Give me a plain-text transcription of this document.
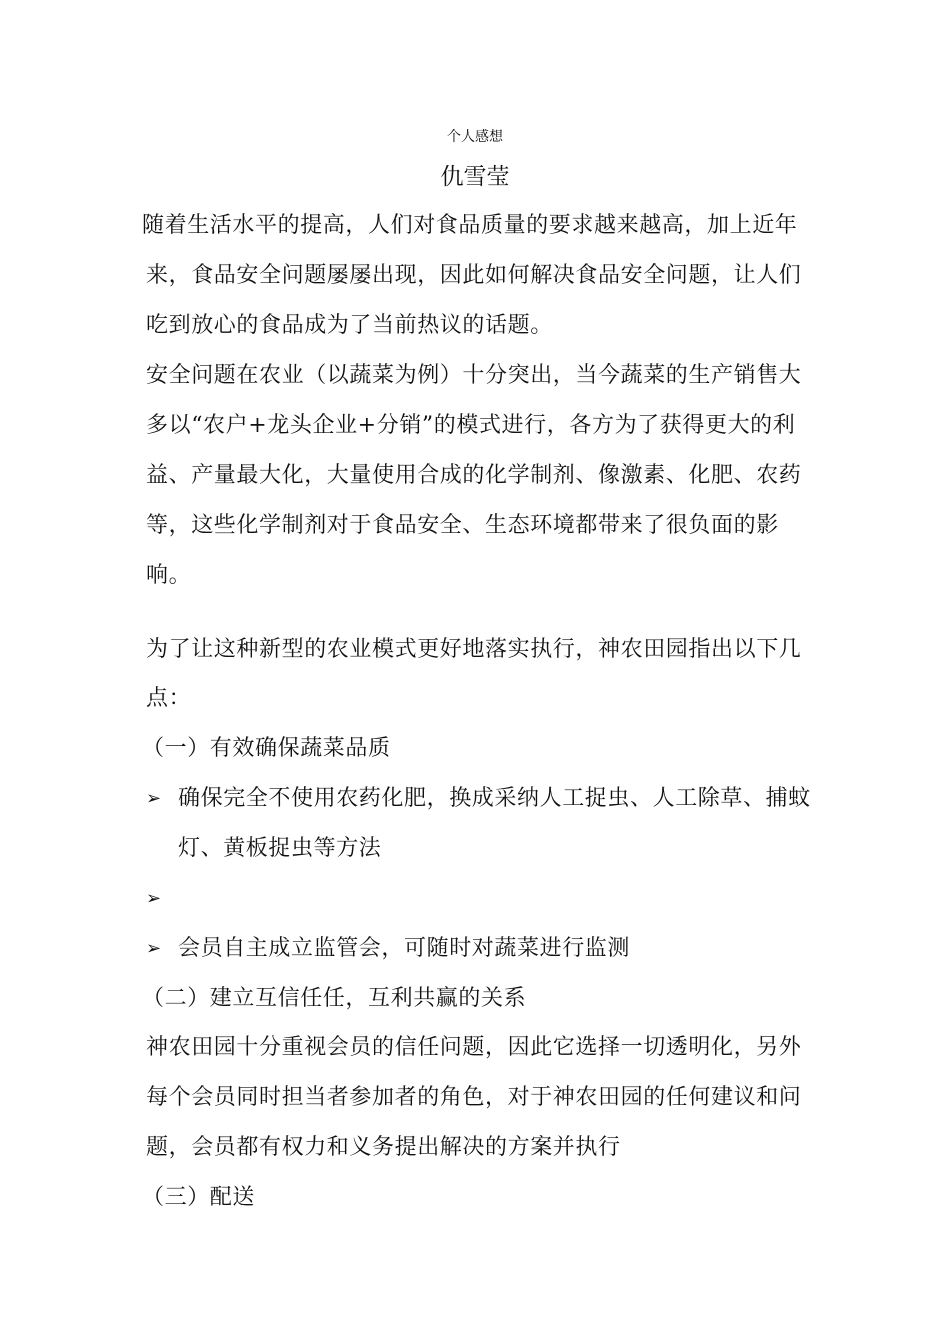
个人感想
仇雪莹
随着生活水平的提高，人们对食品质量的要求越来越高，加上近年
来，食品安全问题屡屡出现，因此如何解决食品安全问题，让人们
吃到放心的食品成为了当前热议的话题。
安全问题在农业（以蔬菜为例）十分突出，当今蔬菜的生产销售大
多以“农户+龙头企业+分销”的模式进行，各方为了获得更大的利
益、产量最大化，大量使用合成的化学制剂、像激素、化肥、农药
等，这些化学制剂对于食品安全、生态环境都带来了很负面的影
响。
为了让这种新型的农业模式更好地落实执行，神农田园指出以下几
点：
（一）有效确保蔬菜品质
➢ 确保完全不使用农药化肥，换成采纳人工捉虫、人工除草、捕蚊
灯、黄板捉虫等方法
➢
➢ 会员自主成立监管会，可随时对蔬菜进行监测
（二）建立互信任任，互利共赢的关系
神农田园十分重视会员的信任问题，因此它选择一切透明化，另外
每个会员同时担当者参加者的角色，对于神农田园的任何建议和问
题，会员都有权力和义务提出解决的方案并执行
（三）配送
